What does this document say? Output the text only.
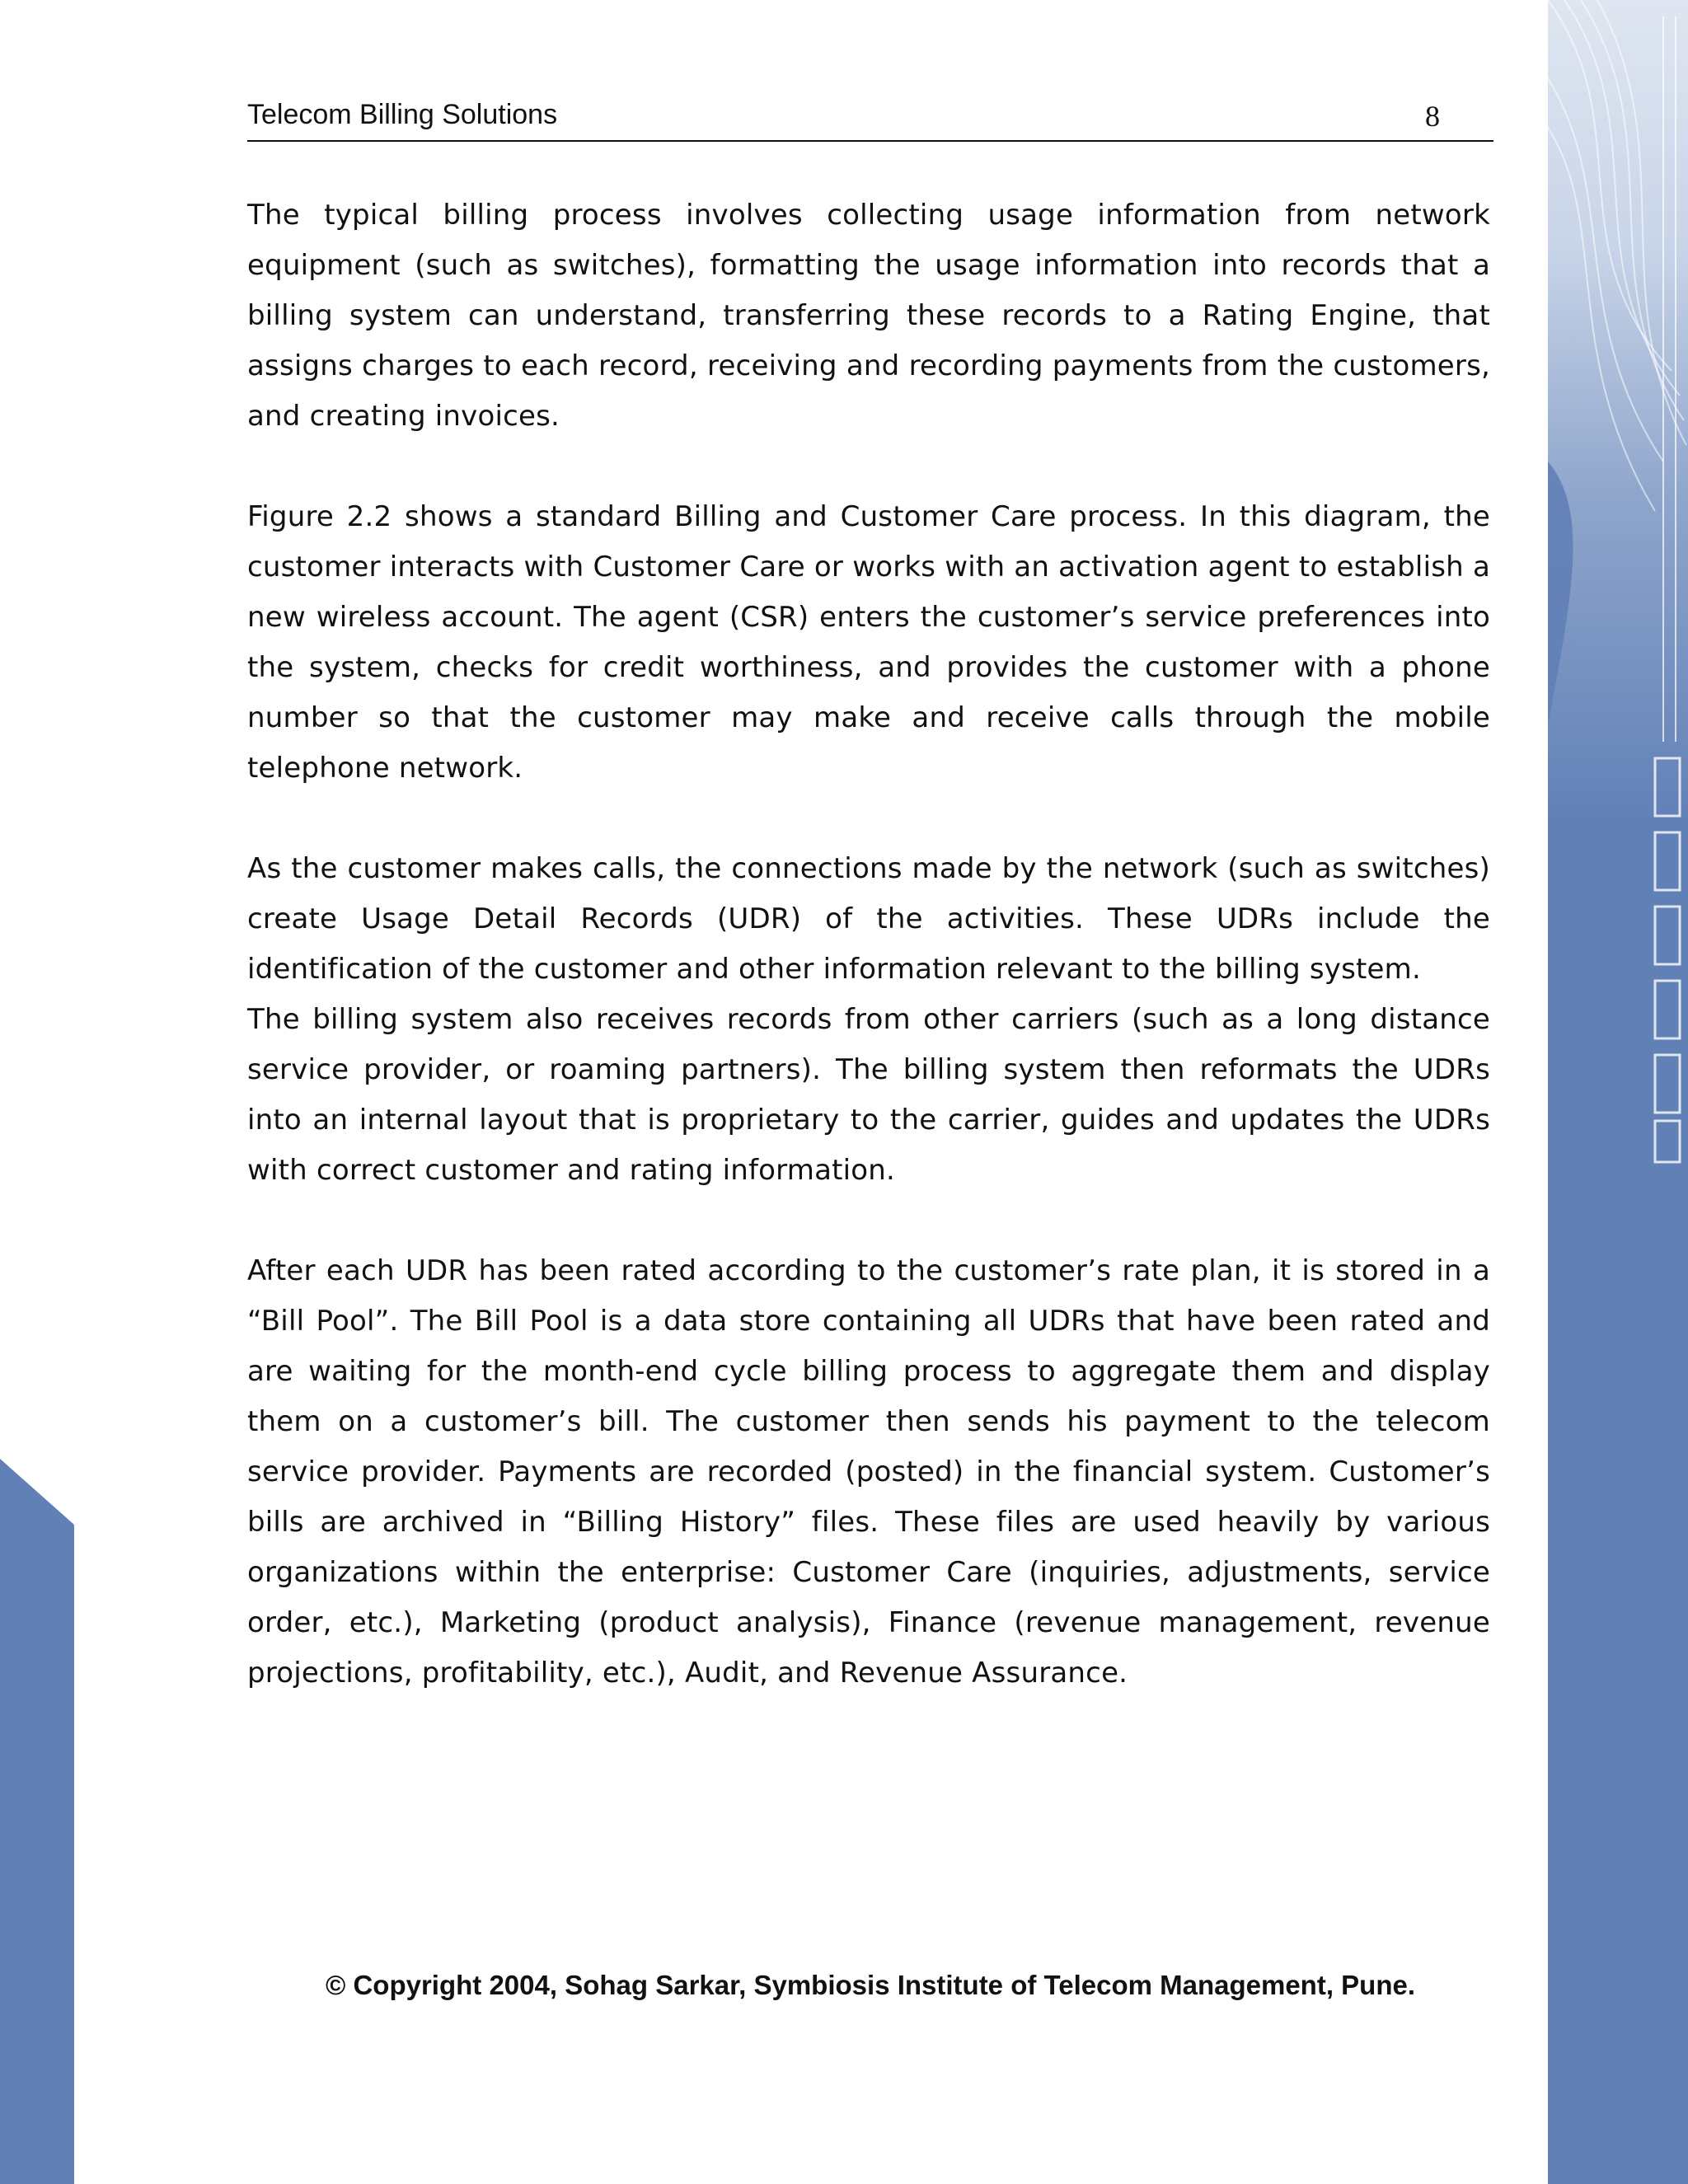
Telecom Billing Solutions	8

The typical billing process involves collecting usage information from network equipment (such as switches), formatting the usage information into records that a billing system can understand, transferring these records to a Rating Engine, that assigns charges to each record, receiving and recording payments from the customers, and creating invoices.

Figure 2.2 shows a standard Billing and Customer Care process. In this diagram, the customer interacts with Customer Care or works with an activation agent to establish a new wireless account. The agent (CSR) enters the customer’s service preferences into the system, checks for credit worthiness, and provides the customer with a phone number so that the customer may make and receive calls through the mobile telephone network.

As the customer makes calls, the connections made by the network (such as switches) create Usage Detail Records (UDR) of the activities. These UDRs include the identification of the customer and other information relevant to the billing system.

The billing system also receives records from other carriers (such as a long distance service provider, or roaming partners). The billing system then reformats the UDRs into an internal layout that is proprietary to the carrier, guides and updates the UDRs with correct customer and rating information.

After each UDR has been rated according to the customer’s rate plan, it is stored in a “Bill Pool”. The Bill Pool is a data store containing all UDRs that have been rated and are waiting for the month-end cycle billing process to aggregate them and display them on a customer’s bill. The customer then sends his payment to the telecom service provider. Payments are recorded (posted) in the financial system. Customer’s bills are archived in “Billing History” files. These files are used heavily by various organizations within the enterprise: Customer Care (inquiries, adjustments, service order, etc.), Marketing (product analysis), Finance (revenue management, revenue projections, profitability, etc.), Audit, and Revenue Assurance.

© Copyright 2004, Sohag Sarkar, Symbiosis Institute of Telecom Management, Pune.
